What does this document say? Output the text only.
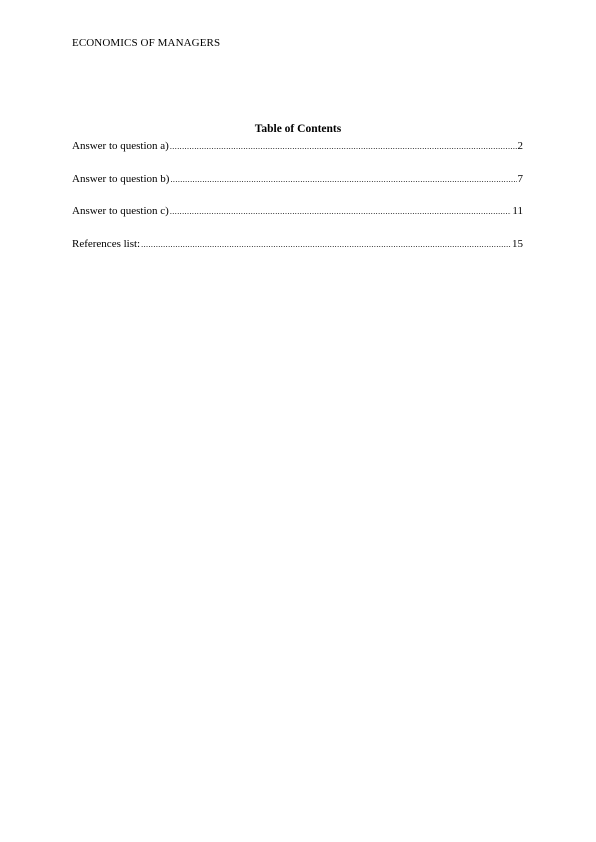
ECONOMICS OF MANAGERS
Table of Contents
Answer to question a) .....	2
Answer to question b) .....	7
Answer to question c) .....	11
References list: .....	15
